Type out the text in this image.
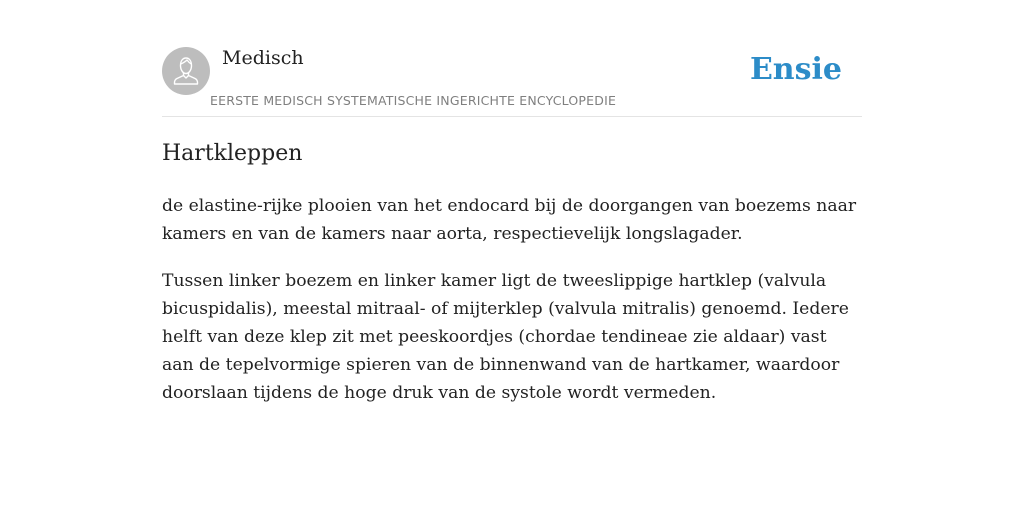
Medisch
EERSTE MEDISCH SYSTEMATISCHE INGERICHTE ENCYCLOPEDIE
Ensie
Hartkleppen

de elastine-rijke plooien van het endocard bij de doorgangen van boezems naar kamers en van de kamers naar aorta, respectievelijk longslagader.

Tussen linker boezem en linker kamer ligt de tweeslippige hartklep (valvula bicuspidalis), meestal mitraal- of mijterklep (valvula mitralis) genoemd. Iedere helft van deze klep zit met peeskoordjes (chordae tendineae zie aldaar) vast aan de tepelvormige spieren van de binnenwand van de hartkamer, waardoor doorslaan tijdens de hoge druk van de systole wordt vermeden.
